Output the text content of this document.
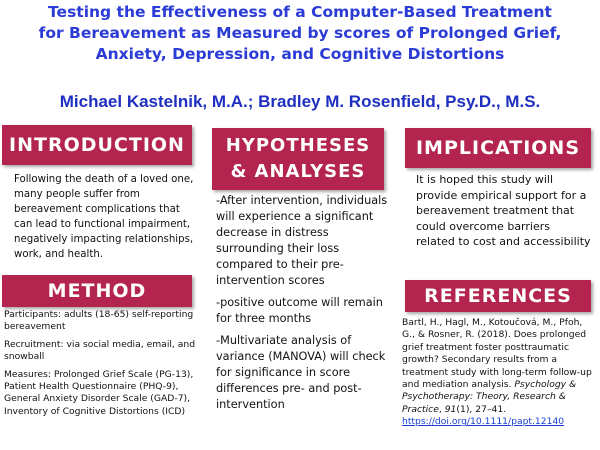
Testing the Effectiveness of a Computer-Based Treatment
for Bereavement as Measured by scores of Prolonged Grief,
Anxiety, Depression, and Cognitive Distortions
Michael Kastelnik, M.A.; Bradley M. Rosenfield, Psy.D., M.S.
INTRODUCTION	HYPOTHESES
& ANALYSES
IMPLICATIONS
METHOD	REFERENCES
Following the death of a loved one, many people suffer from bereavement complications that can lead to functional impairment, negatively impacting relationships, work, and health.

Participants: adults (18-65) self-reporting bereavement

Recruitment: via social media, email, and snowball

Measures: Prolonged Grief Scale (PG-13), Patient Health Questionnaire (PHQ-9), General Anxiety Disorder Scale (GAD-7), Inventory of Cognitive Distortions (ICD)

-After intervention, individuals will experience a significant decrease in distress surrounding their loss compared to their pre-intervention scores

-positive outcome will remain for three months

-Multivariate analysis of variance (MANOVA) will check for significance in score differences pre- and post-intervention

It is hoped this study will provide empirical support for a bereavement treatment that could overcome barriers related to cost and accessibility
Bartl, H., Hagl, M., Kotoučová, M., Pfoh, G., & Rosner, R. (2018). Does prolonged grief treatment foster posttraumatic growth? Secondary results from a treatment study with long-term follow-up and mediation analysis. Psychology & Psychotherapy: Theory, Research & Practice, 91(1), 27–41. https://doi.org/10.1111/papt.12140
